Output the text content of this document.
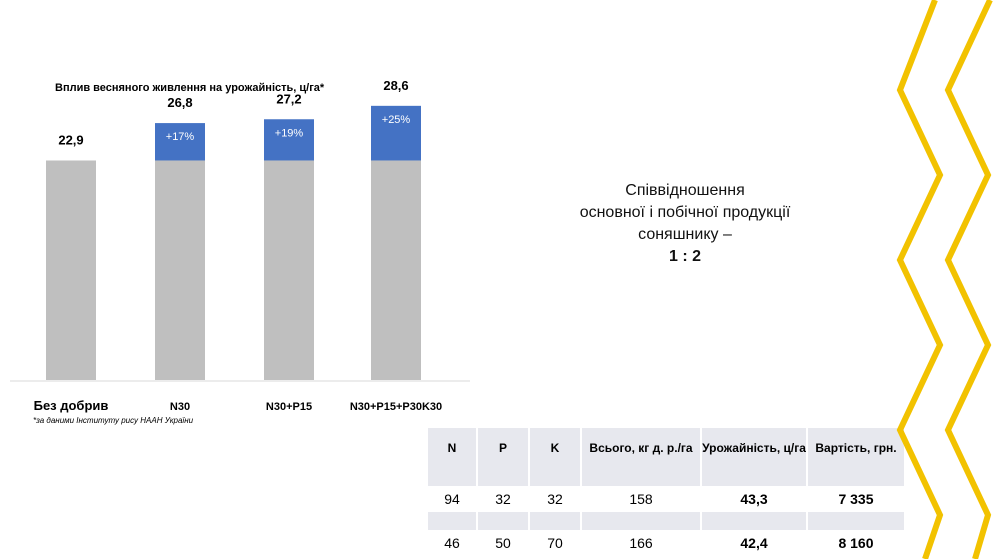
Вплив весняного живлення на урожайність, ц/га*
22,9
Без добрив
+17%
26,8
N30
+19%
27,2
N30+P15
+25%
28,6
N30+P15+P30K30
*за даними Інституту рису НААН України
Співвідношення
основної і побічної продукції
соняшнику –
1 : 2
N	P	K	Всього, кг д. р./га	Урожайність, ц/га	Вартість, грн.

94	32	32	158	43,3	7 335

46	50	70	166	42,4	8 160
